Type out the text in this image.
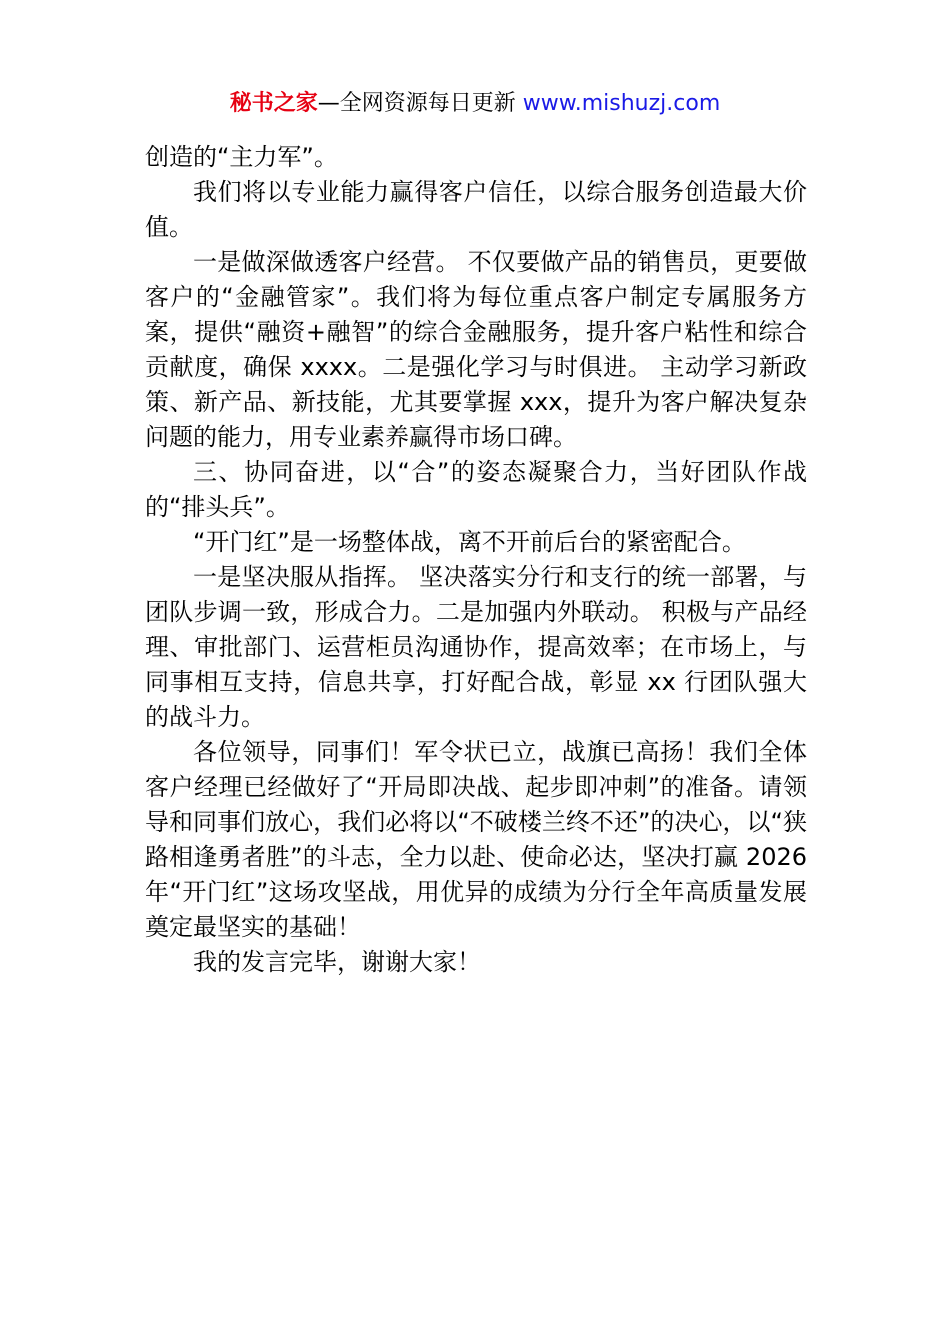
秘书之家—全网资源每日更新 www.mishuzj.com

创造的“主力军”。

我们将以专业能力赢得客户信任，以综合服务创造最大价值。

一是做深做透客户经营。 不仅要做产品的销售员，更要做客户的“金融管家”。我们将为每位重点客户制定专属服务方案，提供“融资+融智”的综合金融服务，提升客户粘性和综合贡献度，确保 xxxx。二是强化学习与时俱进。 主动学习新政策、新产品、新技能，尤其要掌握 xxx，提升为客户解决复杂问题的能力，用专业素养赢得市场口碑。

三、协同奋进，以“合”的姿态凝聚合力，当好团队作战的“排头兵”。

“开门红”是一场整体战，离不开前后台的紧密配合。

一是坚决服从指挥。 坚决落实分行和支行的统一部署，与团队步调一致，形成合力。二是加强内外联动。 积极与产品经理、审批部门、运营柜员沟通协作，提高效率；在市场上，与同事相互支持，信息共享，打好配合战，彰显 xx 行团队强大的战斗力。

各位领导，同事们！军令状已立，战旗已高扬！我们全体客户经理已经做好了“开局即决战、起步即冲刺”的准备。请领导和同事们放心，我们必将以“不破楼兰终不还”的决心，以“狭路相逢勇者胜”的斗志，全力以赴、使命必达，坚决打赢 2026 年“开门红”这场攻坚战，用优异的成绩为分行全年高质量发展奠定最坚实的基础！

我的发言完毕，谢谢大家！
